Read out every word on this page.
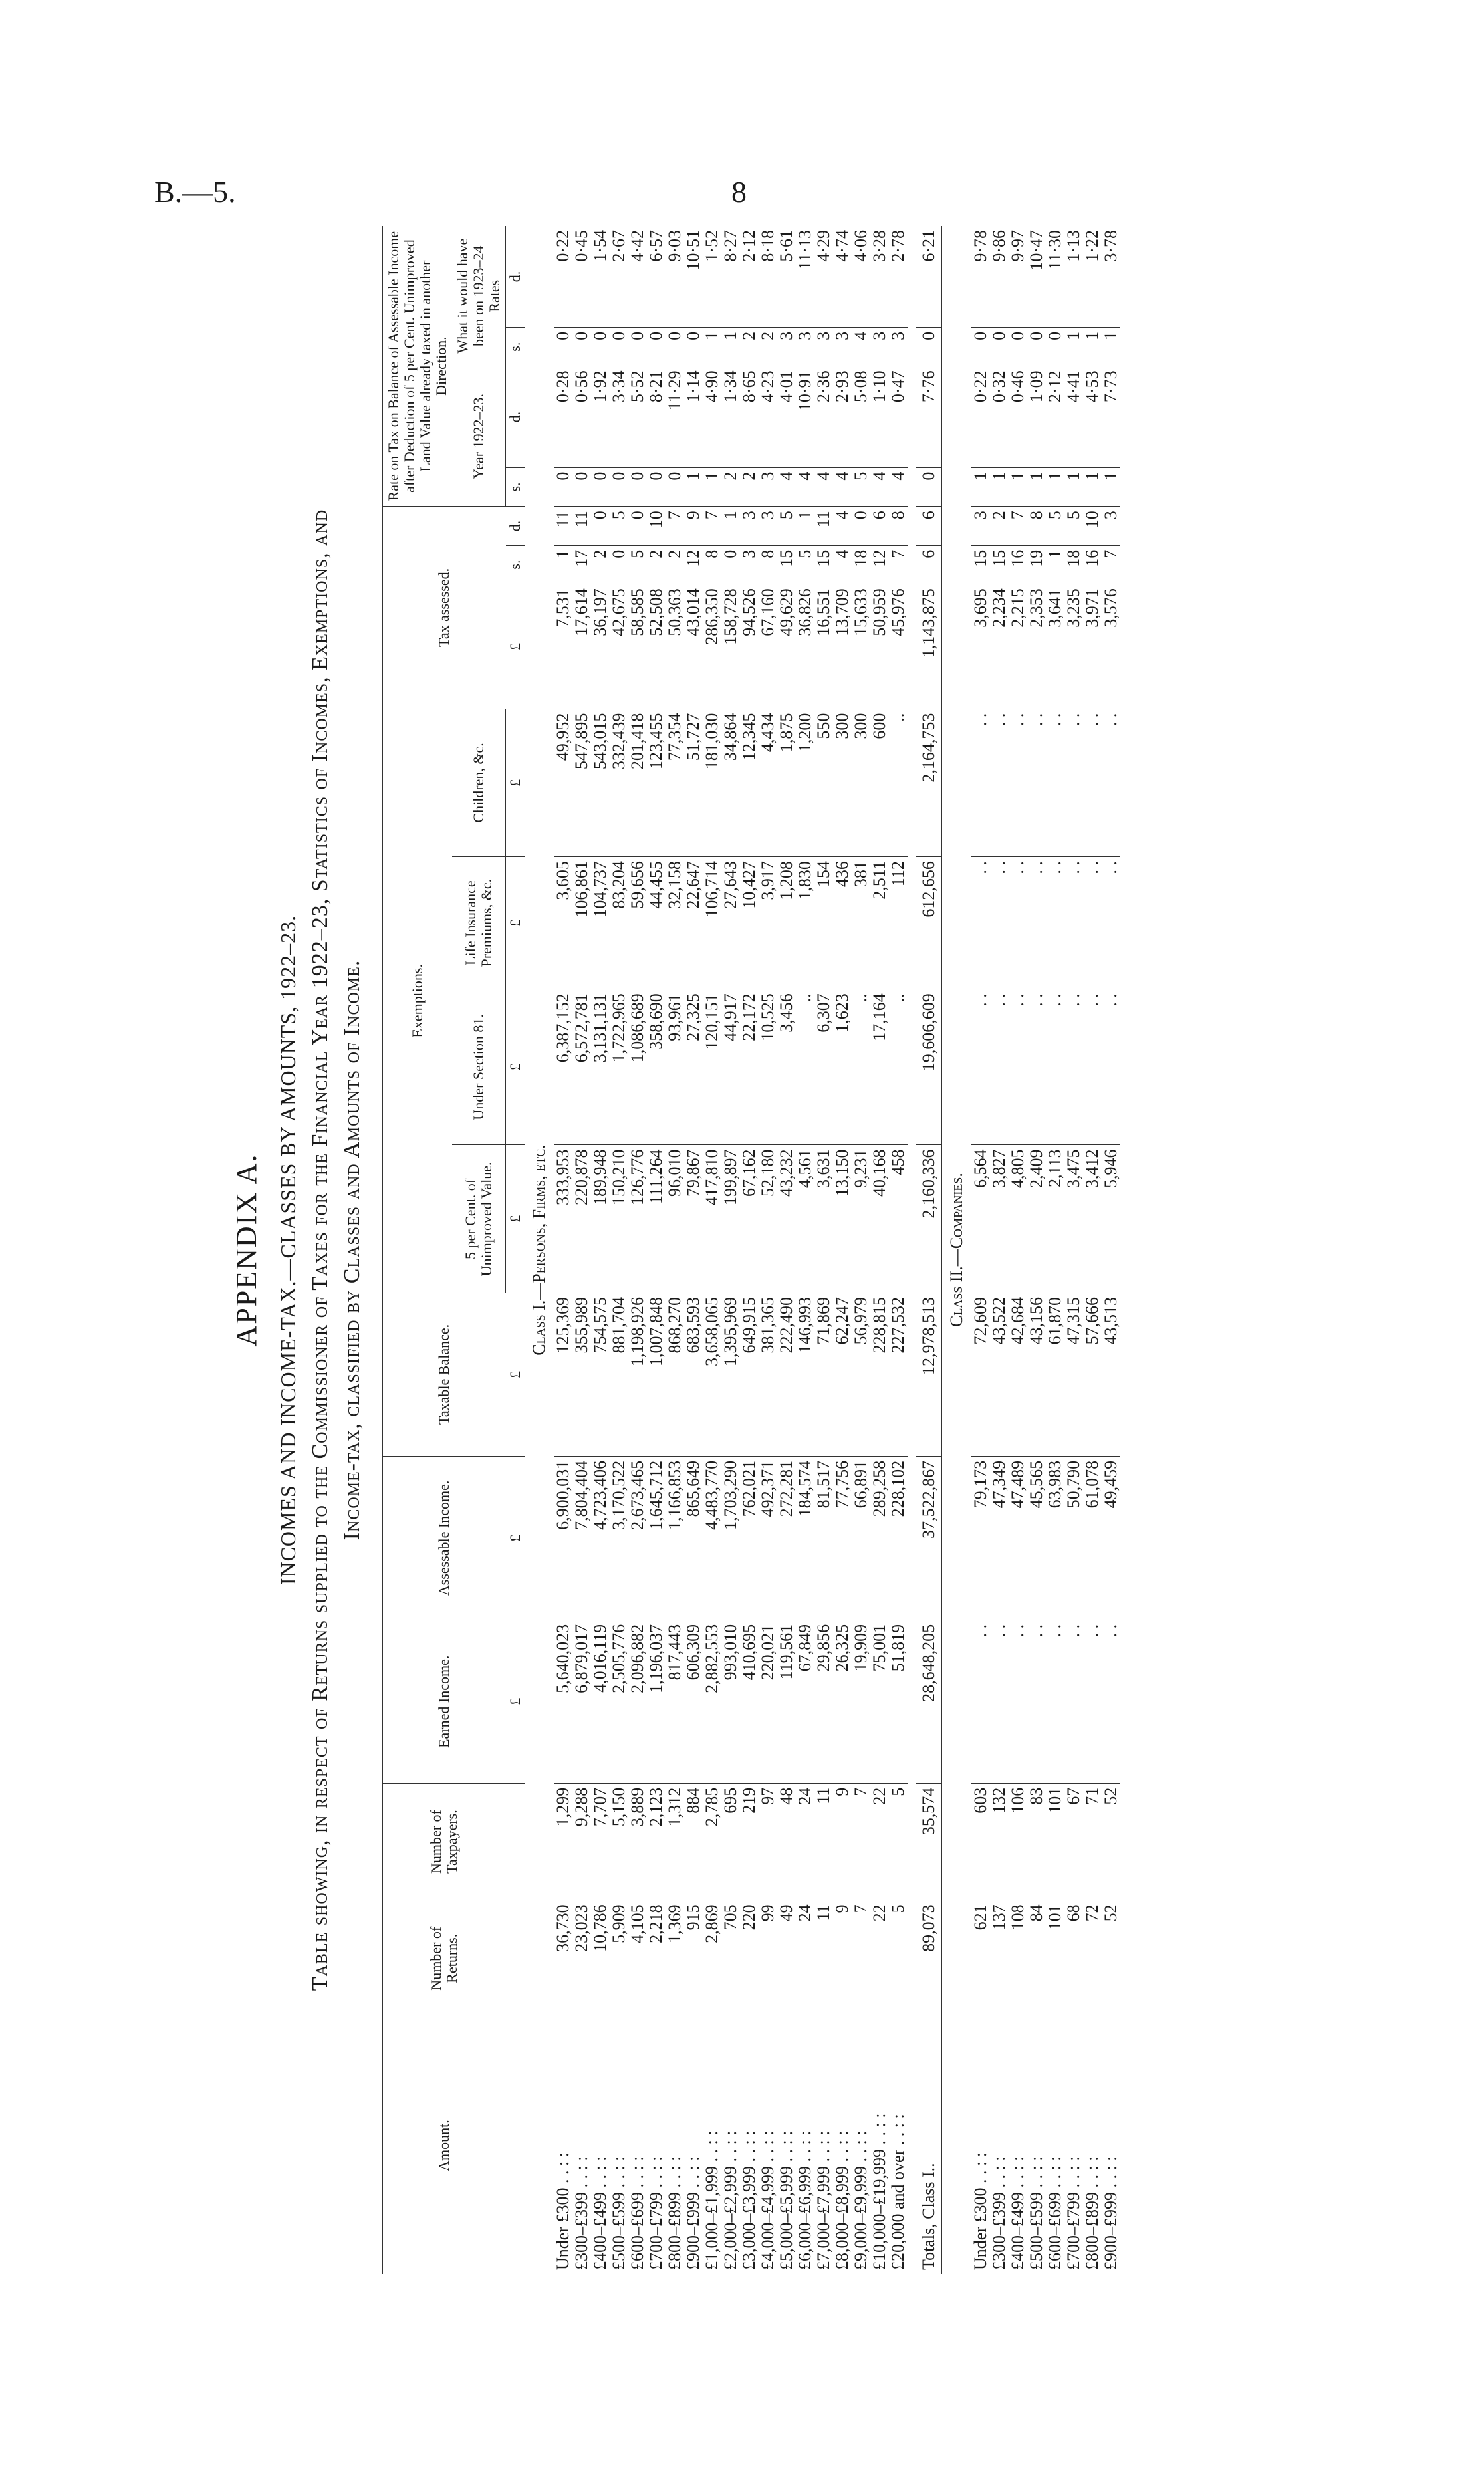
B.—5.	8
APPENDIX A. INCOMES AND INCOME-TAX.—CLASSES BY AMOUNTS, 1922–23. Table showing, in respect of Returns supplied to the Commissioner of Taxes for the Financial Year 1922–23, Statistics of Incomes, Exemptions, and Income-tax, classified by Classes and Amounts of Income.
Amount.	Number of Returns.	Number of Taxpayers.	Earned Income.	Assessable Income.	Taxable Balance.	Exemptions.				Tax assessed.			Rate on Tax on Balance of Assessable Income after Deduction of 5 per Cent. Unimproved Land Value already taxed in another Direction.			
						5 per Cent. of Unimproved Value.	Under Section 81.	Life Insurance Premiums, &c.	Children, &c.				Year 1922–23.		What it would have been on 1923–24 Rates	
			£	£	£	£	£	£	£	£	s.	d.	s.	d.	s.	d.
Class I.—Persons, Firms, etc.																
Under £300 . . : :	36,730	1,299	5,640,023	6,900,031	125,369	333,953	6,387,152	3,605	49,952	7,531	1	11	0	0·28	0	0·22
£300–£399 . . : :	23,023	9,288	6,879,017	7,804,404	355,989	220,878	6,572,781	106,861	547,895	17,614	17	11	0	0·56	0	0·45
£400–£499 . . : :	10,786	7,707	4,016,119	4,723,406	754,575	189,948	3,131,131	104,737	543,015	36,197	2	0	0	1·92	0	1·54
£500–£599 . . : :	5,909	5,150	2,505,776	3,170,522	881,704	150,210	1,722,965	83,204	332,439	42,675	0	5	0	3·34	0	2·67
£600–£699 . . : :	4,105	3,889	2,096,882	2,673,465	1,198,926	126,776	1,086,689	59,656	201,418	58,585	5	0	0	5·52	0	4·42
£700–£799 . . : :	2,218	2,123	1,196,037	1,645,712	1,007,848	111,264	358,690	44,455	123,455	52,508	2	10	0	8·21	0	6·57
£800–£899 . . : :	1,369	1,312	817,443	1,166,853	868,270	96,010	93,961	32,158	77,354	50,363	2	7	0	11·29	0	9·03
£900–£999 . . : :	915	884	606,309	865,649	683,593	79,867	27,325	22,647	51,727	43,014	12	9	1	1·14	0	10·51
£1,000–£1,999 . . : :	2,869	2,785	2,882,553	4,483,770	3,658,065	417,810	120,151	106,714	181,030	286,350	8	7	1	4·90	1	1·52
£2,000–£2,999 . . : :	705	695	993,010	1,703,290	1,395,969	199,897	44,917	27,643	34,864	158,728	0	1	2	1·34	1	8·27
£3,000–£3,999 . . : :	220	219	410,695	762,021	649,915	67,162	22,172	10,427	12,345	94,526	3	3	2	8·65	2	2·12
£4,000–£4,999 . . : :	99	97	220,021	492,371	381,365	52,180	10,525	3,917	4,434	67,160	8	3	3	4·23	2	8·18
£5,000–£5,999 . . : :	49	48	119,561	272,281	222,490	43,232	3,456	1,208	1,875	49,629	15	5	4	4·01	3	5·61
£6,000–£6,999 . . : :	24	24	67,849	184,574	146,993	4,561	..	1,830	1,200	36,826	5	1	4	10·91	3	11·13
£7,000–£7,999 . . : :	11	11	29,856	81,517	71,869	3,631	6,307	154	550	16,551	15	11	4	2·36	3	4·29
£8,000–£8,999 . . : :	9	9	26,325	77,756	62,247	13,150	1,623	436	300	13,709	4	4	4	2·93	3	4·74
£9,000–£9,999 . . : :	7	7	19,909	66,891	56,979	9,231	..	381	300	15,633	18	0	5	5·08	4	4·06
£10,000–£19,999 . . : :	22	22	75,001	289,258	228,815	40,168	17,164	2,511	600	50,959	12	6	4	1·10	3	3·28
£20,000 and over . . : :	5	5	51,819	228,102	227,532	458	..	112	..	45,976	7	8	4	0·47	3	2·78

Totals, Class I..	89,073	35,574	28,648,205	37,522,867	12,978,513	2,160,336	19,606,609	612,656	2,164,753	1,143,875	6	6	0	7·76	0	6·21
Class II.—Companies.																
Under £300 . . : :	621	603	. .	79,173	72,609	6,564	. .	. .	. .	3,695	15	3	1	0·22	0	9·78
£300–£399 . . : :	137	132	. .	47,349	43,522	3,827	. .	. .	. .	2,234	15	2	1	0·32	0	9·86
£400–£499 . . : :	108	106	. .	47,489	42,684	4,805	. .	. .	. .	2,215	16	7	1	0·46	0	9·97
£500–£599 . . : :	84	83	. .	45,565	43,156	2,409	. .	. .	. .	2,353	19	8	1	1·09	0	10·47
£600–£699 . . : :	101	101	. .	63,983	61,870	2,113	. .	. .	. .	3,641	1	5	1	2·12	0	11·30
£700–£799 . . : :	68	67	. .	50,790	47,315	3,475	. .	. .	. .	3,235	18	5	1	4·41	1	1·13
£800–£899 . . : :	72	71	. .	61,078	57,666	3,412	. .	. .	. .	3,971	16	10	1	4·53	1	1·22
£900–£999 . . : :	52	52	. .	49,459	43,513	5,946	. .	. .	. .	3,576	7	3	1	7·73	1	3·78
